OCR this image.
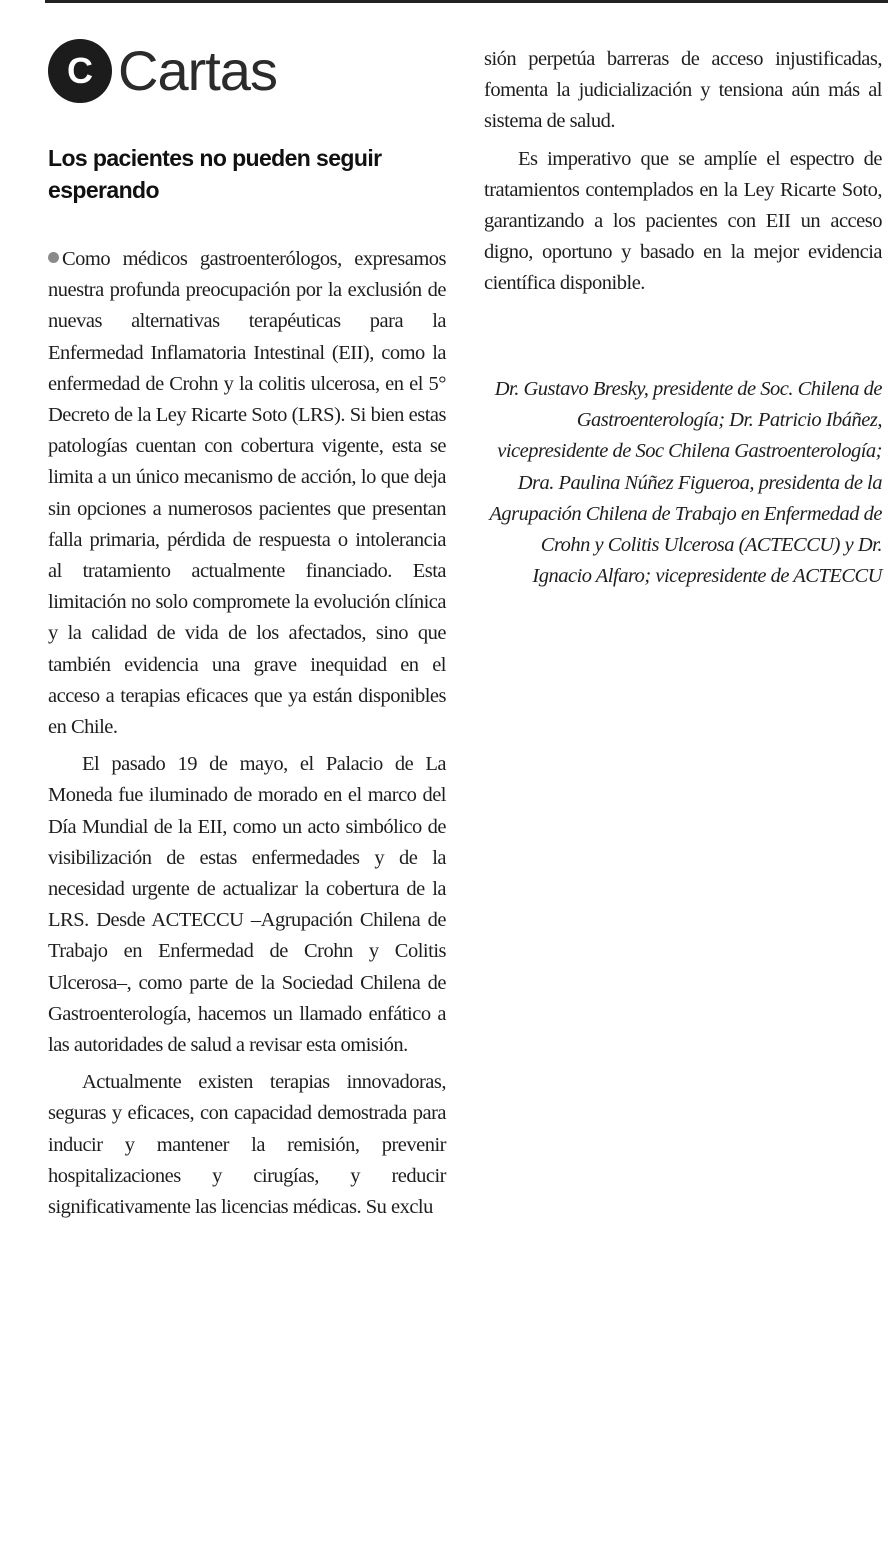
C Cartas
Los pacientes no pueden seguir esperando

Como médicos gastroenterólogos, expresamos nuestra profunda preocupación por la exclusión de nuevas alternativas terapéuticas para la Enfermedad Inflamatoria Intestinal (EII), como la enfermedad de Crohn y la colitis ulcerosa, en el 5° Decreto de la Ley Ricarte Soto (LRS). Si bien estas patologías cuentan con cobertura vigente, esta se limita a un único mecanismo de acción, lo que deja sin opciones a numerosos pacientes que presentan falla primaria, pérdida de respuesta o intolerancia al tratamiento actualmente financiado. Esta limitación no solo compromete la evolución clínica y la calidad de vida de los afectados, sino que también evidencia una grave inequidad en el acceso a terapias eficaces que ya están disponibles en Chile.

El pasado 19 de mayo, el Palacio de La Moneda fue iluminado de morado en el marco del Día Mundial de la EII, como un acto simbólico de visibilización de estas enfermedades y de la necesidad urgente de actualizar la cobertura de la LRS. Desde ACTECCU –Agrupación Chilena de Trabajo en Enfermedad de Crohn y Colitis Ulcerosa–, como parte de la Sociedad Chilena de Gastroenterología, hacemos un llamado enfático a las autoridades de salud a revisar esta omisión.

Actualmente existen terapias innovadoras, seguras y eficaces, con capacidad demostrada para inducir y mantener la remisión, prevenir hospitalizaciones y cirugías, y reducir significativamente las licencias médicas. Su exclu

sión perpetúa barreras de acceso injustificadas, fomenta la judicialización y tensiona aún más al sistema de salud.

Es imperativo que se amplíe el espectro de tratamientos contemplados en la Ley Ricarte Soto, garantizando a los pacientes con EII un acceso digno, oportuno y basado en la mejor evidencia científica disponible.

Dr. Gustavo Bresky, presidente de Soc. Chilena de Gastroenterología; Dr. Patricio Ibáñez, vicepresidente de Soc Chilena Gastroenterología; Dra. Paulina Núñez Figueroa, presidenta de la Agrupación Chilena de Trabajo en Enfermedad de Crohn y Colitis Ulcerosa (ACTECCU) y Dr. Ignacio Alfaro; vicepresidente de ACTECCU
